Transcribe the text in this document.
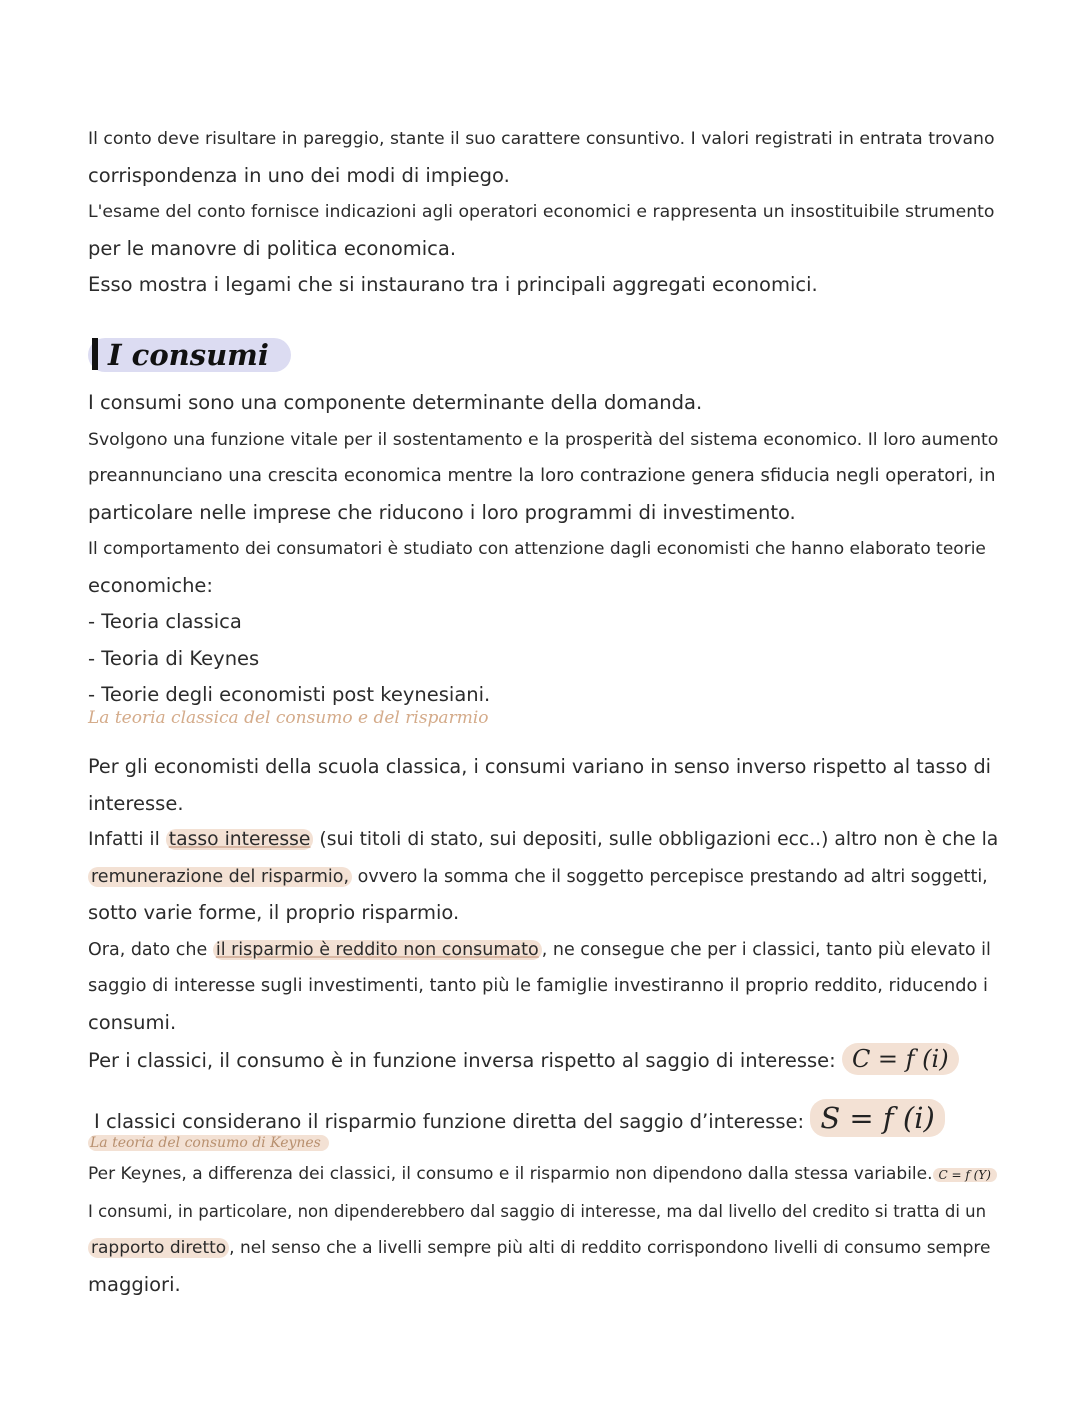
Il conto deve risultare in pareggio, stante il suo carattere consuntivo. I valori registrati in entrata trovano
corrispondenza in uno dei modi di impiego.
L'esame del conto fornisce indicazioni agli operatori economici e rappresenta un insostituibile strumento
per le manovre di politica economica.
Esso mostra i legami che si instaurano tra i principali aggregati economici.
I consumi
I consumi sono una componente determinante della domanda.
Svolgono una funzione vitale per il sostentamento e la prosperità del sistema economico. Il loro aumento
preannunciano una crescita economica mentre la loro contrazione genera sfiducia negli operatori, in
particolare nelle imprese che riducono i loro programmi di investimento.
Il comportamento dei consumatori è studiato con attenzione dagli economisti che hanno elaborato teorie
economiche:
- Teoria classica
- Teoria di Keynes
- Teorie degli economisti post keynesiani.
La teoria classica del consumo e del risparmio
Per gli economisti della scuola classica, i consumi variano in senso inverso rispetto al tasso di
interesse.
Infatti il tasso interesse (sui titoli di stato, sui depositi, sulle obbligazioni ecc..) altro non è che la
remunerazione del risparmio, ovvero la somma che il soggetto percepisce prestando ad altri soggetti,
sotto varie forme, il proprio risparmio.
Ora, dato che il risparmio è reddito non consumato , ne consegue che per i classici, tanto più elevato il
saggio di interesse sugli investimenti, tanto più le famiglie investiranno il proprio reddito, riducendo i
consumi.
Per i classici, il consumo è in funzione inversa rispetto al saggio di interesse: C = f (i)
I classici considerano il risparmio funzione diretta del saggio d’interesse: S = f (i)
La teoria del consumo di Keynes
Per Keynes, a differenza dei classici, il consumo e il risparmio non dipendono dalla stessa variabile. C = f (Y)
I consumi, in particolare, non dipenderebbero dal saggio di interesse, ma dal livello del credito si tratta di un
rapporto diretto , nel senso che a livelli sempre più alti di reddito corrispondono livelli di consumo sempre
maggiori.
